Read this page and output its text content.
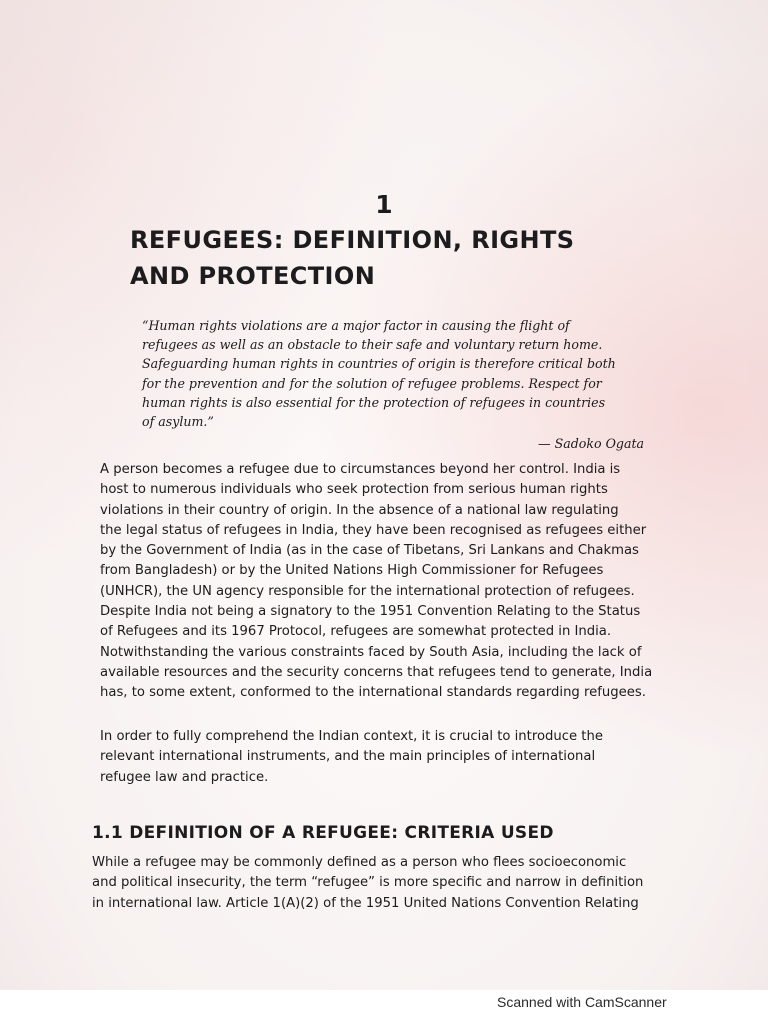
1
REFUGEES: DEFINITION, RIGHTS
AND PROTECTION
“Human rights violations are a major factor in causing the flight of
refugees as well as an obstacle to their safe and voluntary return home.
Safeguarding human rights in countries of origin is therefore critical both
for the prevention and for the solution of refugee problems. Respect for
human rights is also essential for the protection of refugees in countries
of asylum.”

— Sadoko Ogata

A person becomes a refugee due to circumstances beyond her control. India is
host to numerous individuals who seek protection from serious human rights
violations in their country of origin. In the absence of a national law regulating
the legal status of refugees in India, they have been recognised as refugees either
by the Government of India (as in the case of Tibetans, Sri Lankans and Chakmas
from Bangladesh) or by the United Nations High Commissioner for Refugees
(UNHCR), the UN agency responsible for the international protection of refugees.
Despite India not being a signatory to the 1951 Convention Relating to the Status
of Refugees and its 1967 Protocol, refugees are somewhat protected in India.
Notwithstanding the various constraints faced by South Asia, including the lack of
available resources and the security concerns that refugees tend to generate, India
has, to some extent, conformed to the international standards regarding refugees.

In order to fully comprehend the Indian context, it is crucial to introduce the
relevant international instruments, and the main principles of international
refugee law and practice.

1.1 DEFINITION OF A REFUGEE: CRITERIA USED

While a refugee may be commonly defined as a person who flees socioeconomic
and political insecurity, the term “refugee” is more specific and narrow in definition
in international law. Article 1(A)(2) of the 1951 United Nations Convention Relating

Scanned with CamScanner
